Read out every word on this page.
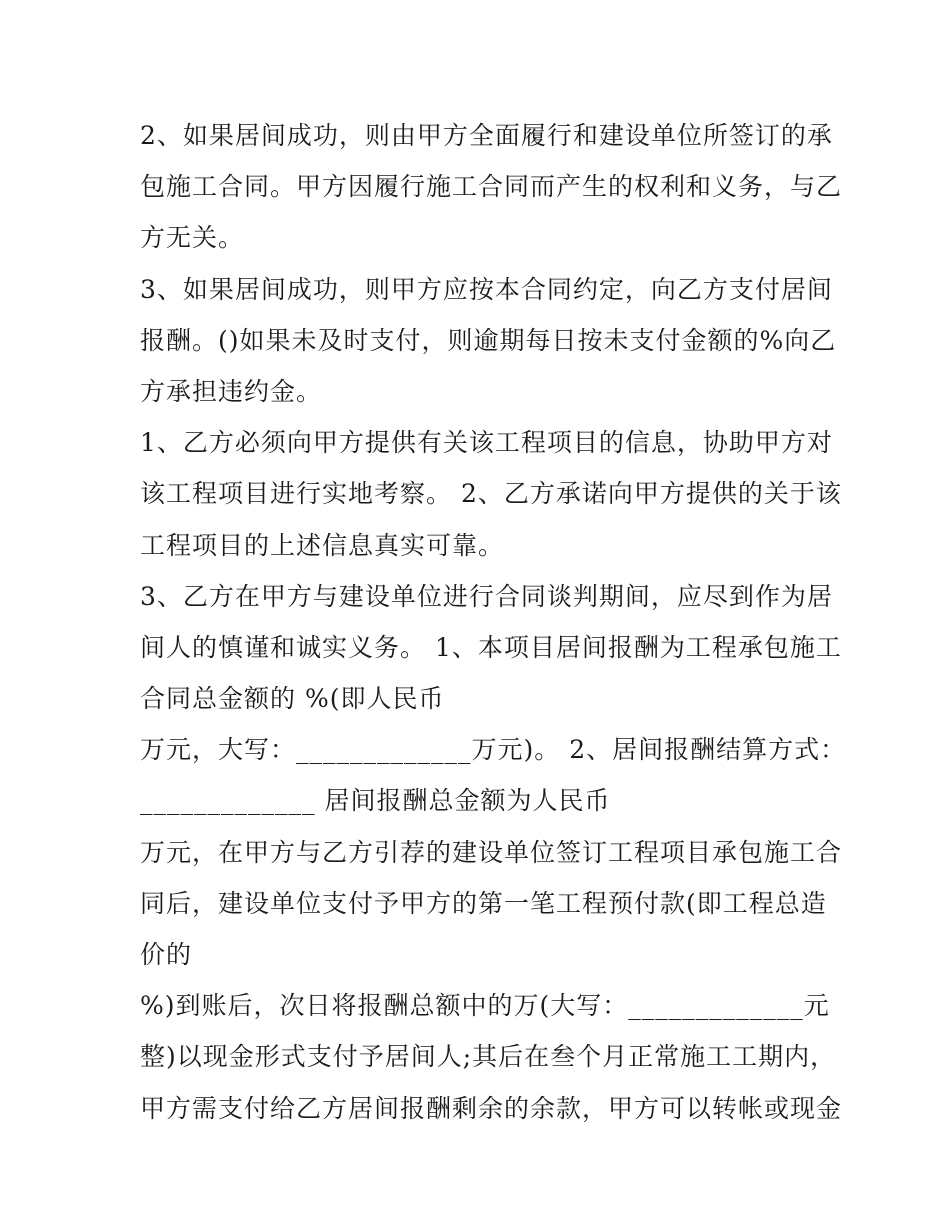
2、如果居间成功，则由甲方全面履行和建设单位所签订的承
包施工合同。甲方因履行施工合同而产生的权利和义务，与乙
方无关。
3、如果居间成功，则甲方应按本合同约定，向乙方支付居间
报酬。()如果未及时支付，则逾期每日按未支付金额的%向乙
方承担违约金。
1、乙方必须向甲方提供有关该工程项目的信息，协助甲方对
该工程项目进行实地考察。 2、乙方承诺向甲方提供的关于该
工程项目的上述信息真实可靠。
3、乙方在甲方与建设单位进行合同谈判期间，应尽到作为居
间人的慎谨和诚实义务。 1、本项目居间报酬为工程承包施工
合同总金额的 %(即人民币
万元，大写：_____________万元)。 2、居间报酬结算方式：
_____________ 居间报酬总金额为人民币
万元，在甲方与乙方引荐的建设单位签订工程项目承包施工合
同后，建设单位支付予甲方的第一笔工程预付款(即工程总造
价的
%)到账后，次日将报酬总额中的万(大写：_____________元
整)以现金形式支付予居间人;其后在叁个月正常施工工期内，
甲方需支付给乙方居间报酬剩余的余款，甲方可以转帐或现金
